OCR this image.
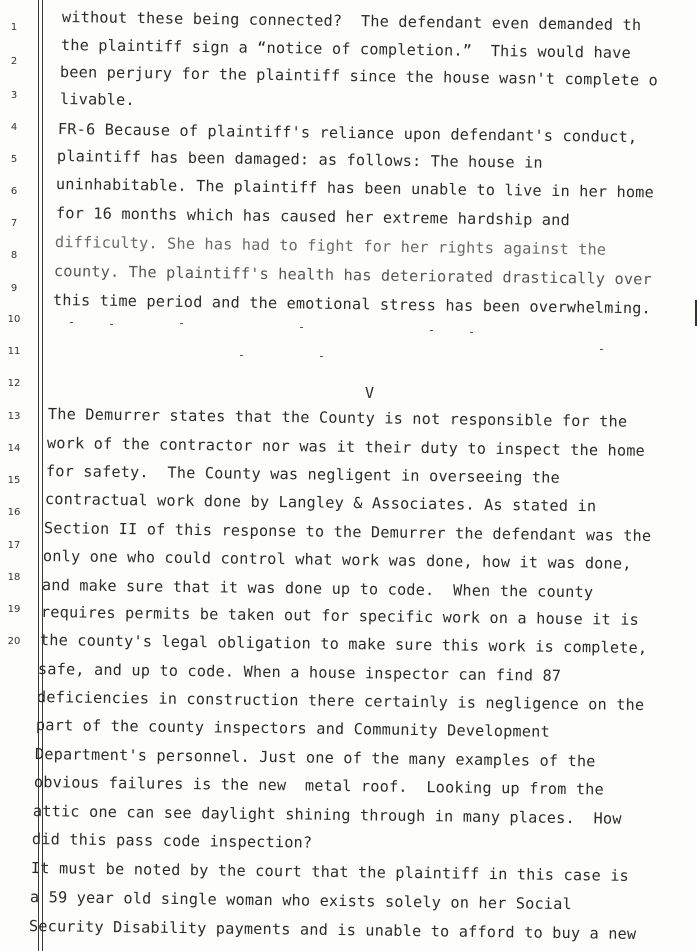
1
2
3
4
5
6
7
8
9
10
11
12
13
14
15
16
17
18
19
20
without these being connected?  The defendant even demanded th
the plaintiff sign a “notice of completion.”  This would have
been perjury for the plaintiff since the house wasn't complete o
livable.
FR-6 Because of plaintiff's reliance upon defendant's conduct,
plaintiff has been damaged: as follows: The house in
uninhabitable. The plaintiff has been unable to live in her home
for 16 months which has caused her extreme hardship and
difficulty. She has had to fight for her rights against the
county. The plaintiff's health has deteriorated drastically over
this time period and the emotional stress has been overwhelming.
V
The Demurrer states that the County is not responsible for the
work of the contractor nor was it their duty to inspect the home
for safety.  The County was negligent in overseeing the
contractual work done by Langley & Associates. As stated in
Section II of this response to the Demurrer the defendant was the
only one who could control what work was done, how it was done,
and make sure that it was done up to code.  When the county
requires permits be taken out for specific work on a house it is
the county's legal obligation to make sure this work is complete,
safe, and up to code. When a house inspector can find 87
deficiencies in construction there certainly is negligence on the
part of the county inspectors and Community Development
Department's personnel. Just one of the many examples of the
obvious failures is the new  metal roof.  Looking up from the
attic one can see daylight shining through in many places.  How
did this pass code inspection?
It must be noted by the court that the plaintiff in this case is
a 59 year old single woman who exists solely on her Social
Security Disability payments and is unable to afford to buy a new
